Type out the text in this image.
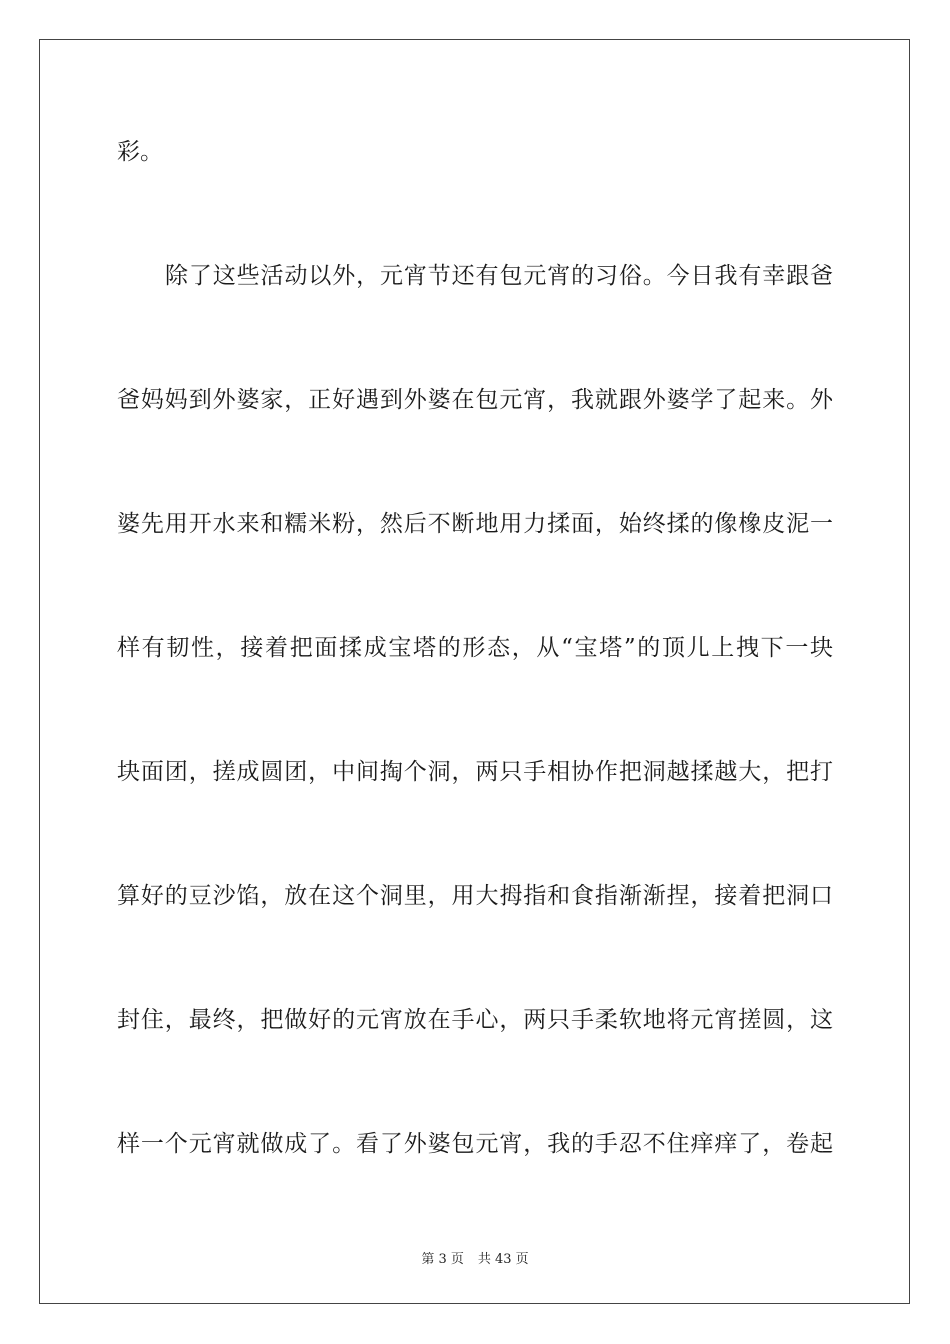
彩。
除了这些活动以外，元宵节还有包元宵的习俗。今日我有幸跟爸
爸妈妈到外婆家，正好遇到外婆在包元宵，我就跟外婆学了起来。外
婆先用开水来和糯米粉，然后不断地用力揉面，始终揉的像橡皮泥一
样有韧性，接着把面揉成宝塔的形态，从“宝塔”的顶儿上拽下一块
块面团，搓成圆团，中间掏个洞，两只手相协作把洞越揉越大，把打
算好的豆沙馅，放在这个洞里，用大拇指和食指渐渐捏，接着把洞口
封住，最终，把做好的元宵放在手心，两只手柔软地将元宵搓圆，这
样一个元宵就做成了。看了外婆包元宵，我的手忍不住痒痒了，卷起
第 3 页 共 43 页
